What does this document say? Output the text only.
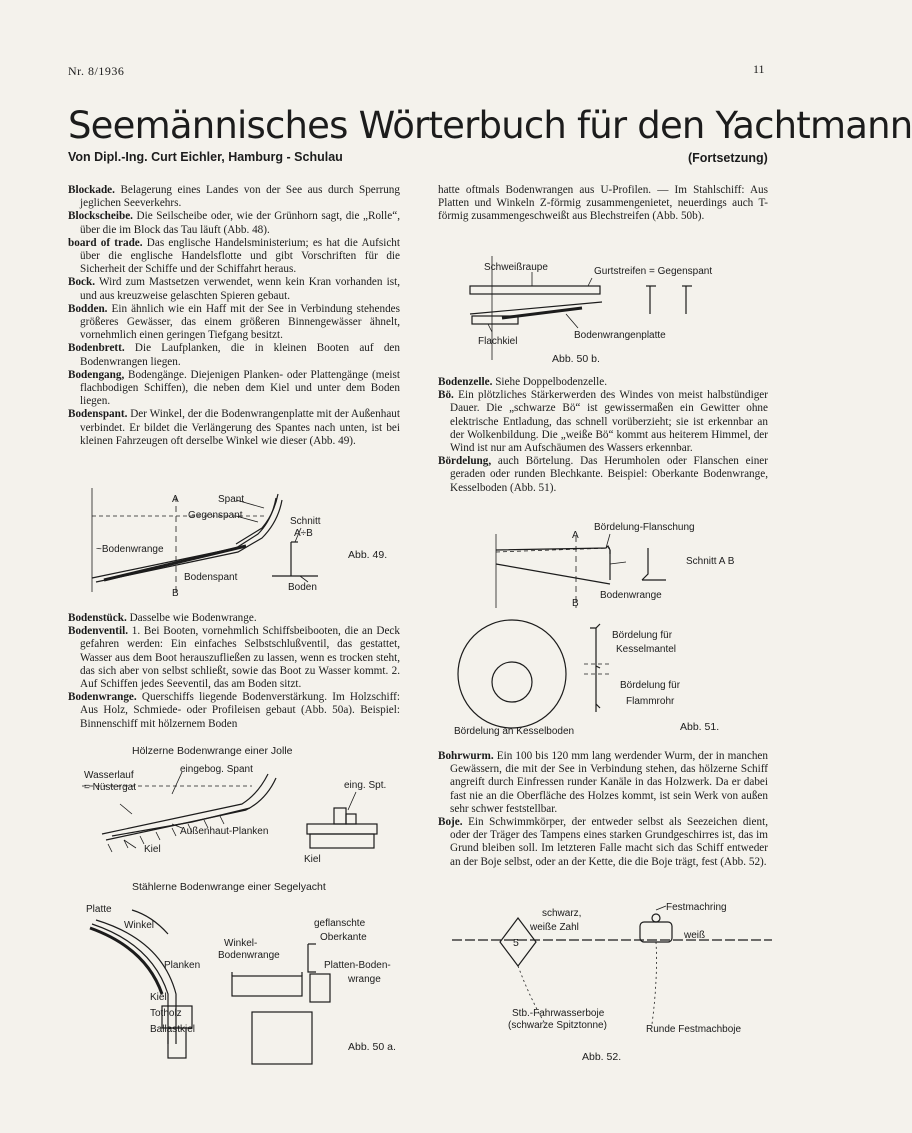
Nr. 8/1936	11
Seemännisches Wörterbuch für den Yachtmann
Von Dipl.-Ing. Curt Eichler, Hamburg - Schulau	(Fortsetzung)

Blockade. Belagerung eines Landes von der See aus durch Sperrung jeglichen Seeverkehrs.

Blockscheibe. Die Seilscheibe oder, wie der Grünhorn sagt, die „Rolle“, über die im Block das Tau läuft (Abb. 48).

board of trade. Das englische Handelsministerium; es hat die Aufsicht über die englische Handelsflotte und gibt Vorschriften für die Sicherheit der Schiffe und der Schiffahrt heraus.

Bock. Wird zum Mastsetzen verwendet, wenn kein Kran vorhanden ist, und aus kreuzweise gelaschten Spieren gebaut.

Bodden. Ein ähnlich wie ein Haff mit der See in Verbindung stehendes größeres Gewässer, das einem größeren Binnengewässer ähnelt, vornehmlich einen geringen Tiefgang besitzt.

Bodenbrett. Die Laufplanken, die in kleinen Booten auf den Bodenwrangen liegen.

Bodengang, Bodengänge. Diejenigen Planken- oder Plattengänge (meist flachbodigen Schiffen), die neben dem Kiel und unter dem Boden liegen.

Bodenspant. Der Winkel, der die Bodenwrangenplatte mit der Außenhaut verbindet. Er bildet die Verlängerung des Spantes nach unten, ist bei kleinen Fahrzeugen oft derselbe Winkel wie dieser (Abb. 49).

A
B
Spant
Gegenspant
Schnitt
A÷B
~Bodenwrange
Bodenspant
Boden
Abb. 49.

Bodenstück. Dasselbe wie Bodenwrange.

Bodenventil. 1. Bei Booten, vornehmlich Schiffsbeibooten, die an Deck gefahren werden: Ein einfaches Selbstschlußventil, das gestattet, Wasser aus dem Boot herauszufließen zu lassen, wenn es trocken steht, das sich aber von selbst schließt, sowie das Boot zu Wasser kommt. 2. Auf Schiffen jedes Seeventil, das am Boden sitzt.

Bodenwrange. Querschiffs liegende Bodenverstärkung. Im Holzschiff: Aus Holz, Schmiede- oder Profileisen gebaut (Abb. 50a). Beispiel: Binnenschiff mit hölzernem Boden

Hölzerne Bodenwrange einer Jolle
Wasserlauf
= Nüstergat
eingebog. Spant
Außenhaut-Planken
Kiel
eing. Spt.
Kiel
Stählerne Bodenwrange einer Segelyacht
Platte
Winkel
Planken
Winkel-
Bodenwrange
geflanschte
Oberkante
Platten-Boden-
wrange
Kiel
Totholz
Ballastkiel
Abb. 50 a.

hatte oftmals Bodenwrangen aus U-Profilen. — Im Stahlschiff: Aus Platten und Winkeln Z-förmig zusammengenietet, neuerdings auch T-förmig zusammengeschweißt aus Blechstreifen (Abb. 50b).

Schweißraupe	Gurtstreifen = Gegenspant
Flachkiel
Bodenwrangenplatte
Abb. 50 b.

Bodenzelle. Siehe Doppelbodenzelle.

Bö. Ein plötzliches Stärkerwerden des Windes von meist halbstündiger Dauer. Die „schwarze Bö“ ist gewissermaßen ein Gewitter ohne elektrische Entladung, das schnell vorüberzieht; sie ist erkennbar an der Wolkenbildung. Die „weiße Bö“ kommt aus heiterem Himmel, der Wind ist nur am Aufschäumen des Wassers erkennbar.

Bördelung, auch Börtelung. Das Herumholen oder Flanschen einer geraden oder runden Blechkante. Beispiel: Oberkante Bodenwrange, Kesselboden (Abb. 51).

A
B
Bördelung-Flanschung
Schnitt A B
Bodenwrange
Bördelung für
Kesselmantel
Bördelung für
Flammrohr
Bördelung an Kesselboden	Abb. 51.

Bohrwurm. Ein 100 bis 120 mm lang werdender Wurm, der in manchen Gewässern, die mit der See in Verbindung stehen, das hölzerne Schiff angreift durch Einfressen runder Kanäle in das Holzwerk. Da er dabei fast nie an die Oberfläche des Holzes kommt, ist sein Werk von außen sehr schwer feststellbar.

Boje. Ein Schwimmkörper, der entweder selbst als Seezeichen dient, oder der Träger des Tampens eines starken Grundgeschirres ist, das im Grund bleiben soll. Im letzteren Falle macht sich das Schiff entweder an der Boje selbst, oder an der Kette, die die Boje trägt, fest (Abb. 52).

5
schwarz,
weiße Zahl
Festmachring
weiß
Stb.-Fahrwasserboje
(schwarze Spitztonne)	Runde Festmachboje
Abb. 52.
